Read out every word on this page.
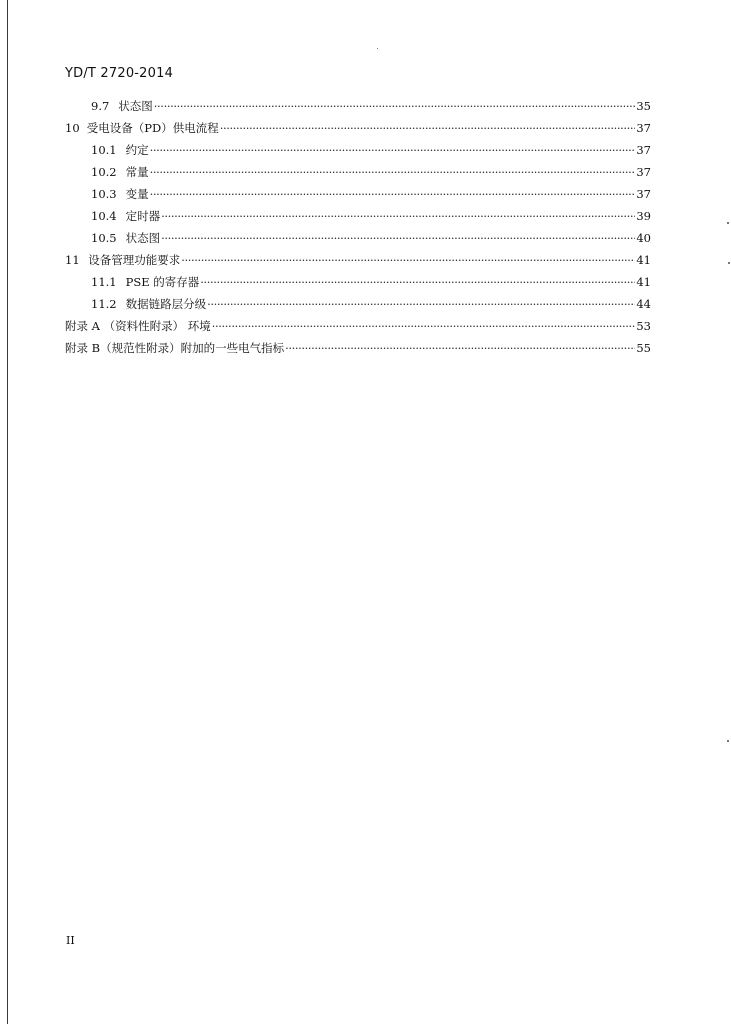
YD/T 2720-2014
9.7 状态图 ·····	35
10 受电设备（PD）供电流程 ·····	37
10.1 约定 ·····	37
10.2 常量 ·····	37
10.3 变量 ·····	37
10.4 定时器 ·····	39
10.5 状态图 ·····	40
11 设备管理功能要求 ·····	41
11.1 PSE 的寄存器 ·····	41
11.2 数据链路层分级 ·····	44
附录 A （资料性附录） 环境 ·····	53
附录 B（规范性附录）附加的一些电气指标 ·····	55
II
